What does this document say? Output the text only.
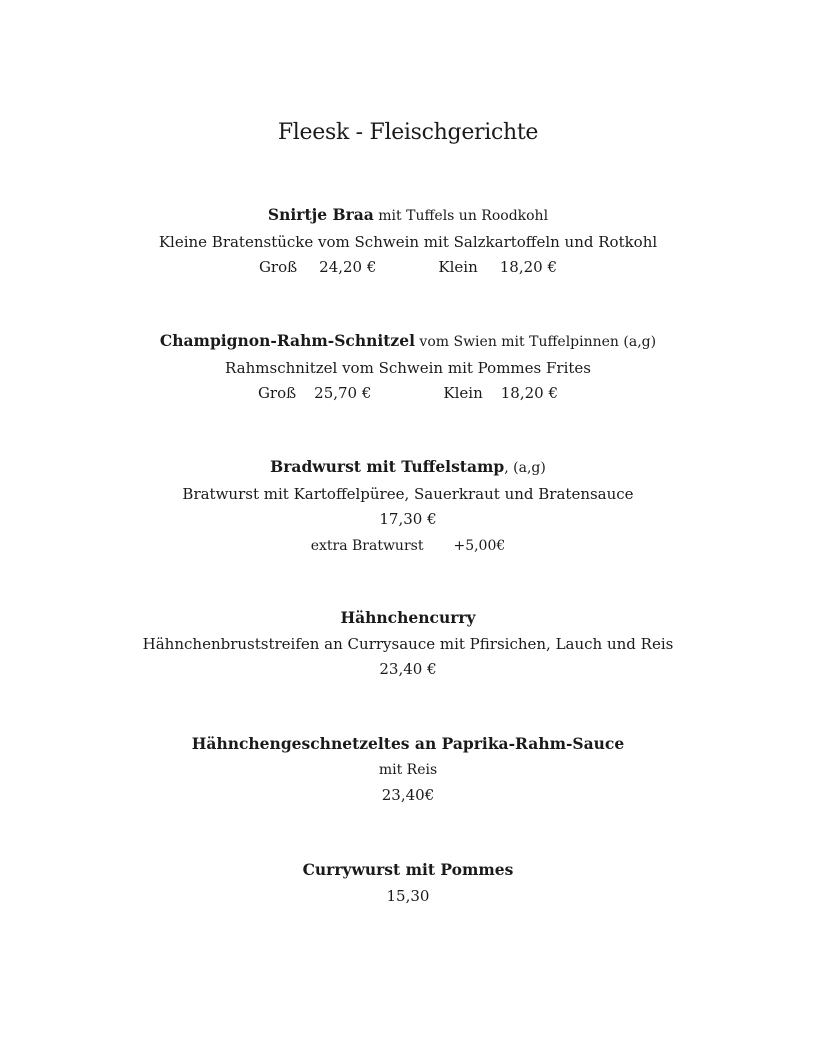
Fleesk - Fleischgerichte
Snirtje Braa mit Tuffels un Roodkohl
Kleine Bratenstücke vom Schwein mit Salzkartoffeln und Rotkohl
Groß 24,20 €	Klein 18,20 €
Champignon-Rahm-Schnitzel vom Swien mit Tuffelpinnen (a,g)
Rahmschnitzel vom Schwein mit Pommes Frites
Groß 25,70 €	Klein 18,20 €
Bradwurst mit Tuffelstamp, (a,g)
Bratwurst mit Kartoffelpüree, Sauerkraut und Bratensauce
17,30 €
extra Bratwurst +5,00€
Hähnchencurry
Hähnchenbruststreifen an Currysauce mit Pfirsichen, Lauch und Reis
23,40 €
Hähnchengeschnetzeltes an Paprika-Rahm-Sauce
mit Reis
23,40€
Currywurst mit Pommes
15,30
